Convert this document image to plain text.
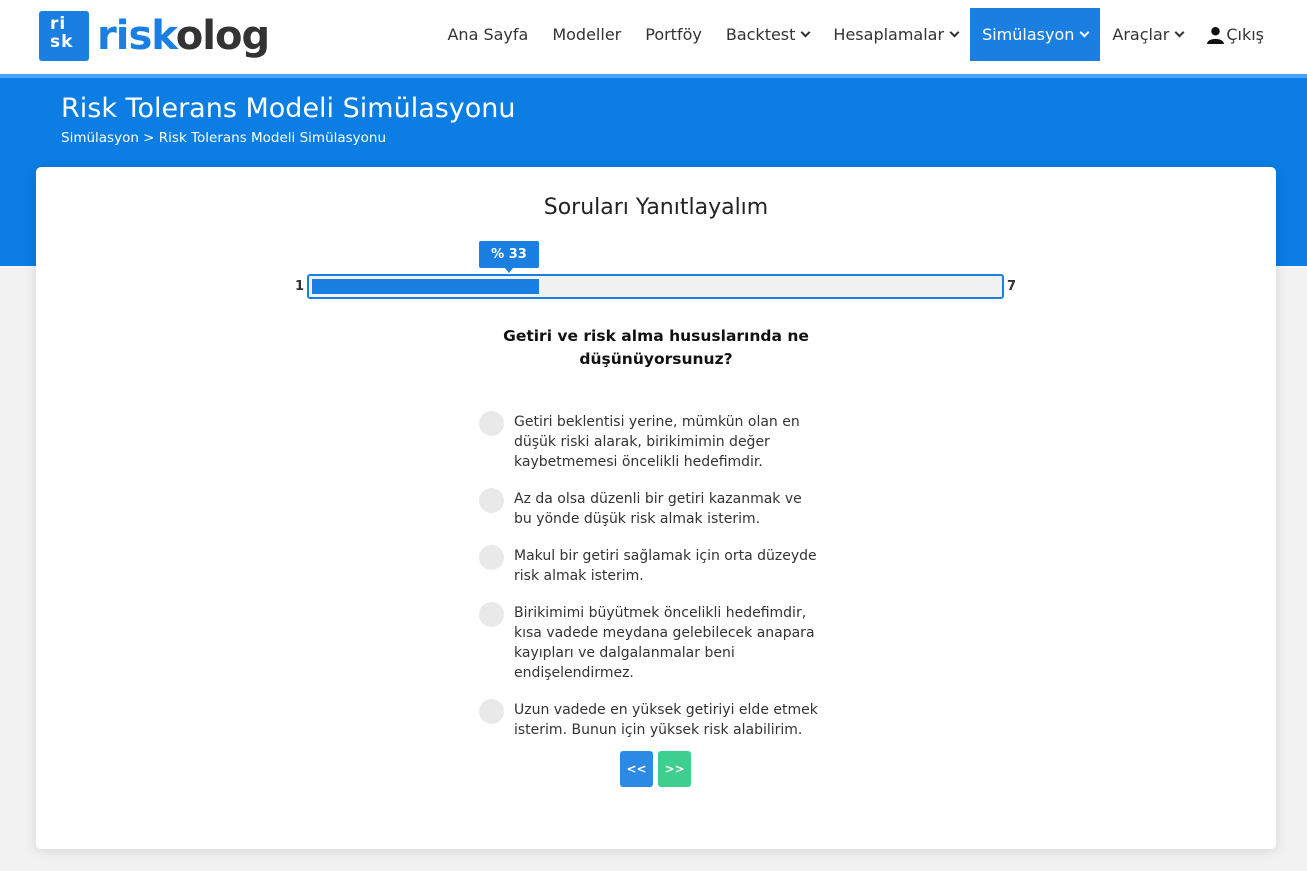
ri
sk riskolog	Ana Sayfa Modeller Portföy Backtest Hesaplamalar Simülasyon Araçlar	Çıkış
Risk Tolerans Modeli Simülasyonu
Simülasyon > Risk Tolerans Modeli Simülasyonu
Soruları Yanıtlayalım
% 33
1	7
Getiri ve risk alma hususlarında ne düşünüyorsunuz?
Getiri beklentisi yerine, mümkün olan en düşük riski alarak, birikimimin değer kaybetmemesi öncelikli hedefimdir.
Az da olsa düzenli bir getiri kazanmak ve bu yönde düşük risk almak isterim.
Makul bir getiri sağlamak için orta düzeyde risk almak isterim.
Birikimimi büyütmek öncelikli hedefimdir, kısa vadede meydana gelebilecek anapara kayıpları ve dalgalanmalar beni endişelendirmez.
Uzun vadede en yüksek getiriyi elde etmek isterim. Bunun için yüksek risk alabilirim.
<<	>>
